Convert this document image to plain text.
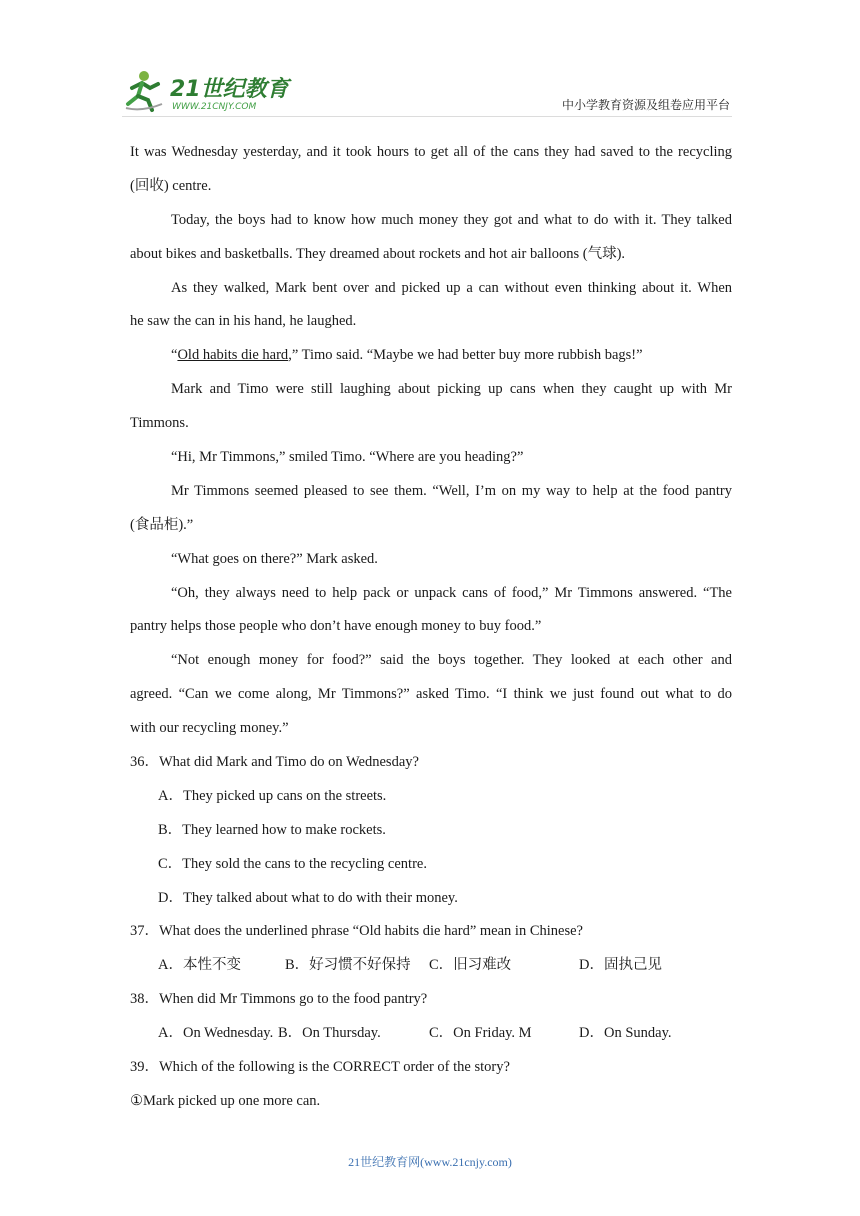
21世纪教育
WWW.21CNJY.COM	中小学教育资源及组卷应用平台
It was Wednesday yesterday, and it took hours to get all of the cans they had saved to the recycling
(回收) centre.
Today, the boys had to know how much money they got and what to do with it. They talked
about bikes and basketballs. They dreamed about rockets and hot air balloons (气球).
As they walked, Mark bent over and picked up a can without even thinking about it. When
he saw the can in his hand, he laughed.
“Old habits die hard,” Timo said. “Maybe we had better buy more rubbish bags!”
Mark and Timo were still laughing about picking up cans when they caught up with Mr
Timmons.
“Hi, Mr Timmons,” smiled Timo. “Where are you heading?”
Mr Timmons seemed pleased to see them. “Well, I’m on my way to help at the food pantry
(食品柜).”
“What goes on there?” Mark asked.
“Oh, they always need to help pack or unpack cans of food,” Mr Timmons answered. “The
pantry helps those people who don’t have enough money to buy food.”
“Not enough money for food?” said the boys together. They looked at each other and
agreed. “Can we come along, Mr Timmons?” asked Timo. “I think we just found out what to do
with our recycling money.”
36．What did Mark and Timo do on Wednesday?
A．They picked up cans on the streets.
B．They learned how to make rockets.
C．They sold the cans to the recycling centre.
D．They talked about what to do with their money.
37．What does the underlined phrase “Old habits die hard” mean in Chinese?
A．本性不变	B．好习惯不好保持 C．旧习难改	D．固执己见
38．When did Mr Timmons go to the food pantry?
A．On Wednesday. B．On Thursday.	C．On Friday. M	D．On Sunday.
39．Which of the following is the CORRECT order of the story?
①Mark picked up one more can.
21世纪教育网(www.21cnjy.com)
